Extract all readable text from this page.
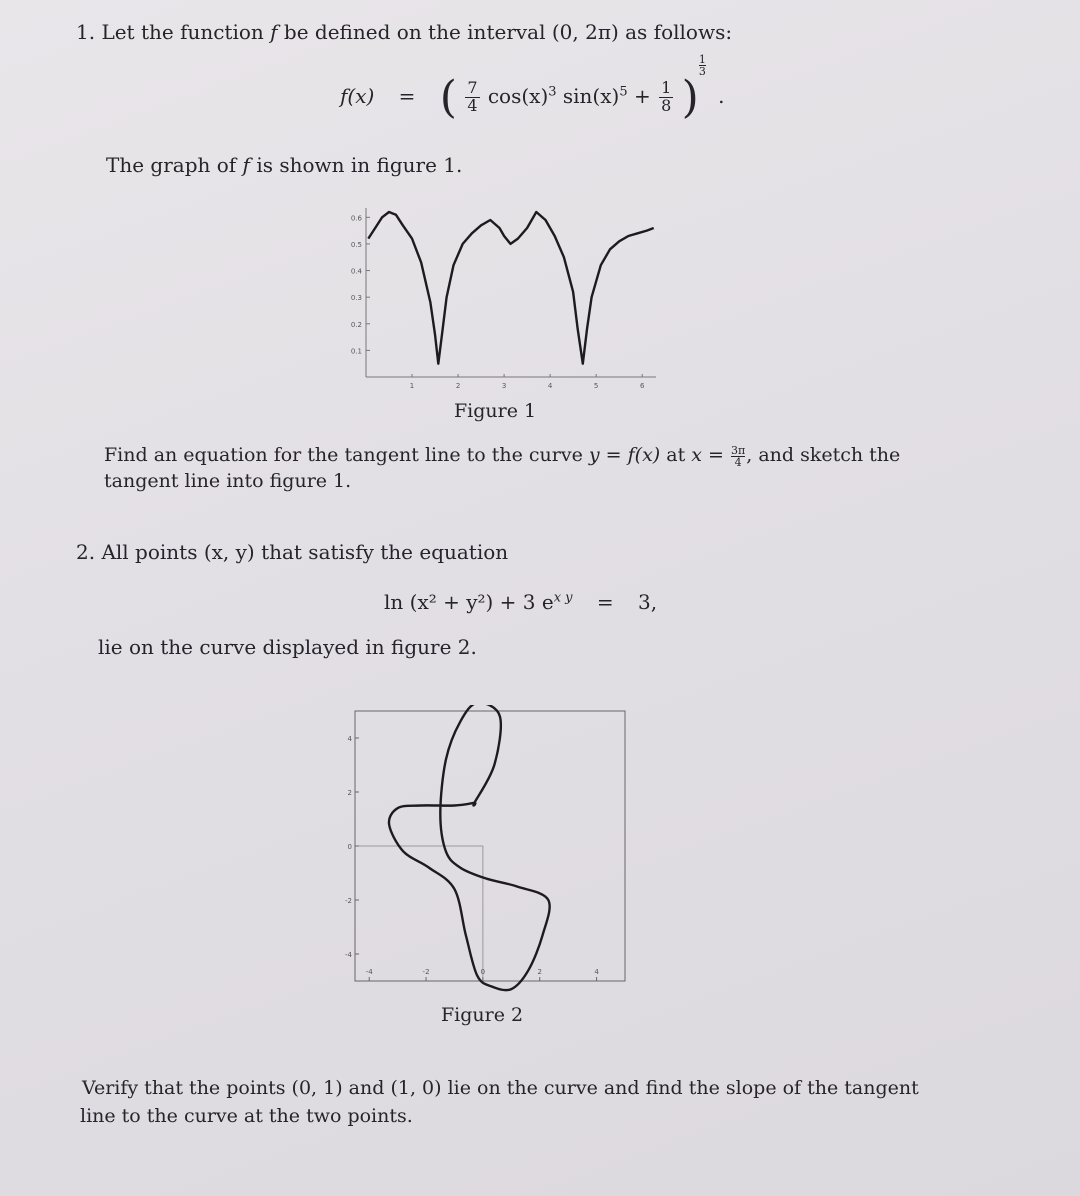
1. Let the function f be defined on the interval (0, 2π) as follows:
f(x) = ( $\frac{7}{4} \cos(x)^3$ $\sin(x)^5 + \frac{1}{8}$ )
$\frac{1}{3}$
.
The graph of f is shown in figure 1.
0.1
0.2
0.3
0.4
0.5
0.6
1	2	3	4	5	6
Figure 1
Find an equation for the tangent line to the curve y = f(x) at $x = \frac{3\pi}{4}$ , and sketch the
tangent line into figure 1.
2. All points (x, y) that satisfy the equation
ln (x² + y²) + 3 $e^{x y} = 3$,
lie on the curve displayed in figure 2.
4
2
0
-2
-4
-4	-2	0	2	4
Figure 2
Verify that the points (0, 1) and (1, 0) lie on the curve and find the slope of the tangent
line to the curve at the two points.
